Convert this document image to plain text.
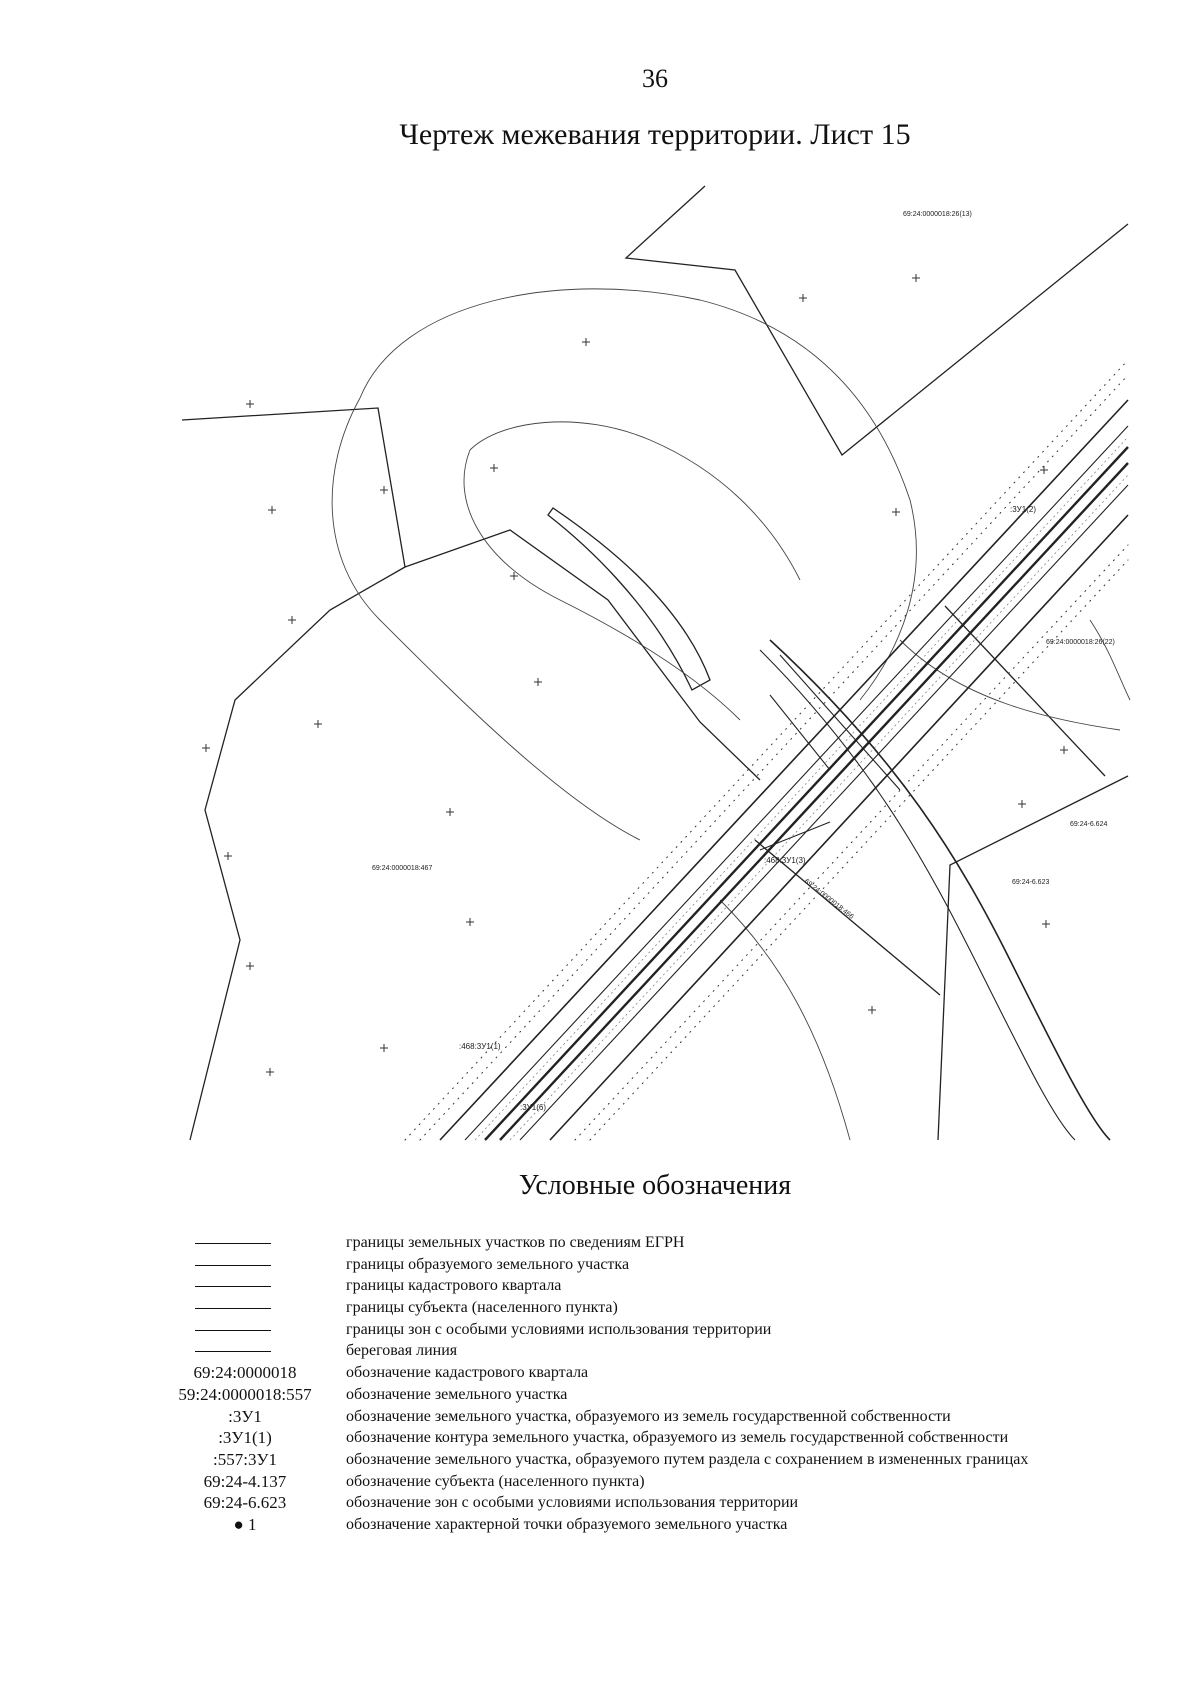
36
Чертеж межевания территории. Лист 15
69:24:0000018:26(13)
69:24:0000018:26(22)
69:24:0000018:467
69:24:0000018:466
69:24-6.624
69:24-6.623
:3У1(2)
:468:3У1(3)
:468:3У1(1)
:3У1(6)
Условные обозначения
границы земельных участков по сведениям ЕГРН
границы образуемого земельного участка
границы кадастрового квартала
границы субъекта (населенного пункта)
границы зон с особыми условиями использования территории
береговая линия
69:24:0000018	обозначение кадастрового квартала
59:24:0000018:557	обозначение земельного участка
:3У1	обозначение земельного участка, образуемого из земель государственной собственности
:3У1(1)	обозначение контура земельного участка, образуемого из земель государственной собственности
:557:3У1	обозначение земельного участка, образуемого путем раздела с сохранением в измененных границах
69:24-4.137	обозначение субъекта (населенного пункта)
69:24-6.623	обозначение зон с особыми условиями использования территории
● 1	обозначение характерной точки образуемого земельного участка
